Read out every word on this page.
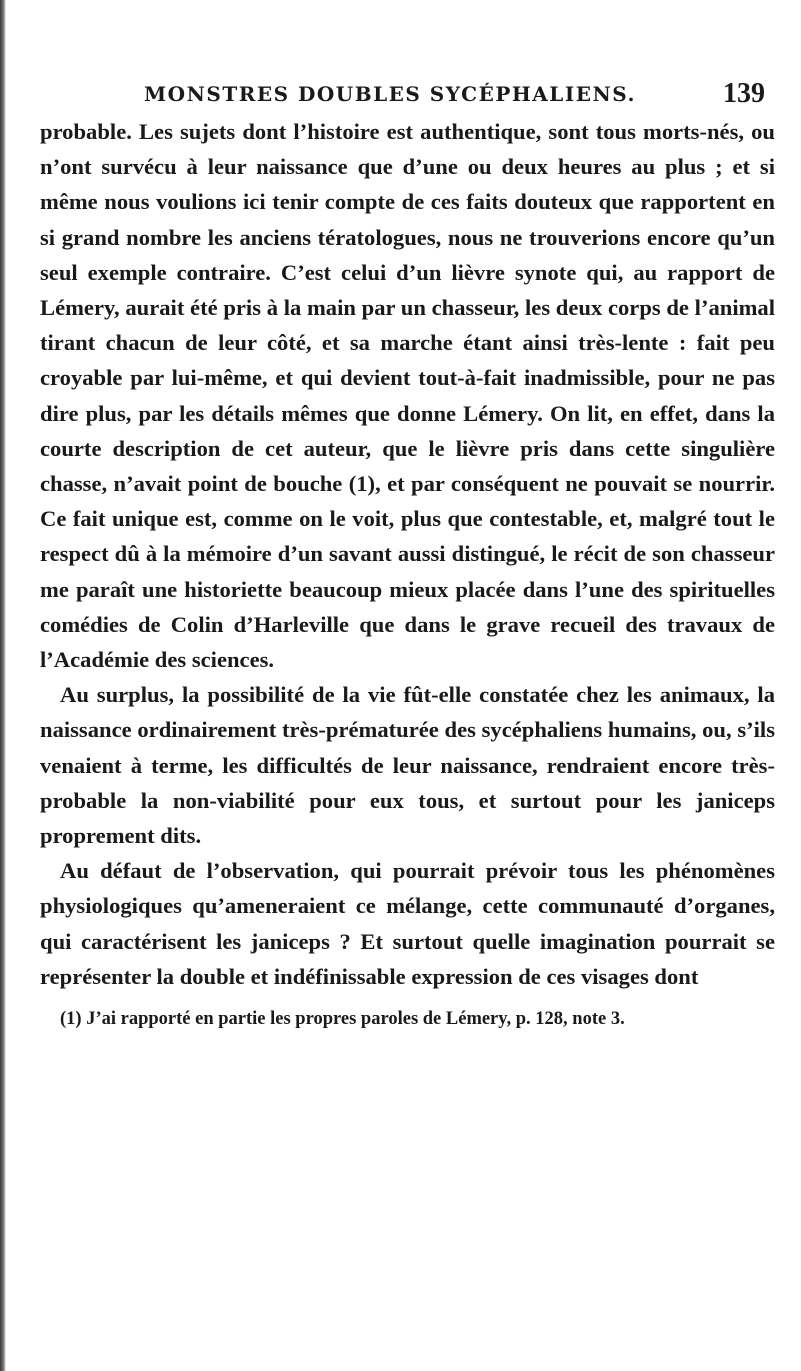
MONSTRES DOUBLES SYCÉPHALIENS.	139

probable. Les sujets dont l’histoire est authentique, sont tous morts-nés, ou n’ont survécu à leur naissance que d’une ou deux heures au plus ; et si même nous voulions ici tenir compte de ces faits douteux que rapportent en si grand nombre les anciens tératologues, nous ne trouverions encore qu’un seul exemple contraire. C’est celui d’un lièvre synote qui, au rapport de Lémery, aurait été pris à la main par un chasseur, les deux corps de l’animal tirant chacun de leur côté, et sa marche étant ainsi très-lente : fait peu croyable par lui-même, et qui devient tout-à-fait inadmissible, pour ne pas dire plus, par les détails mêmes que donne Lémery. On lit, en effet, dans la courte description de cet auteur, que le lièvre pris dans cette singulière chasse, n’avait point de bouche (1), et par conséquent ne pouvait se nourrir. Ce fait unique est, comme on le voit, plus que contestable, et, malgré tout le respect dû à la mémoire d’un savant aussi distingué, le récit de son chasseur me paraît une historiette beaucoup mieux placée dans l’une des spirituelles comédies de Colin d’Harleville que dans le grave recueil des travaux de l’Académie des sciences.

Au surplus, la possibilité de la vie fût-elle constatée chez les animaux, la naissance ordinairement très-prématurée des sycéphaliens humains, ou, s’ils venaient à terme, les difficultés de leur naissance, rendraient encore très-probable la non-viabilité pour eux tous, et surtout pour les janiceps proprement dits.

Au défaut de l’observation, qui pourrait prévoir tous les phénomènes physiologiques qu’ameneraient ce mélange, cette communauté d’organes, qui caractérisent les janiceps ? Et surtout quelle imagination pourrait se représenter la double et indéfinissable expression de ces visages dont

(1) J’ai rapporté en partie les propres paroles de Lémery, p. 128, note 3.
